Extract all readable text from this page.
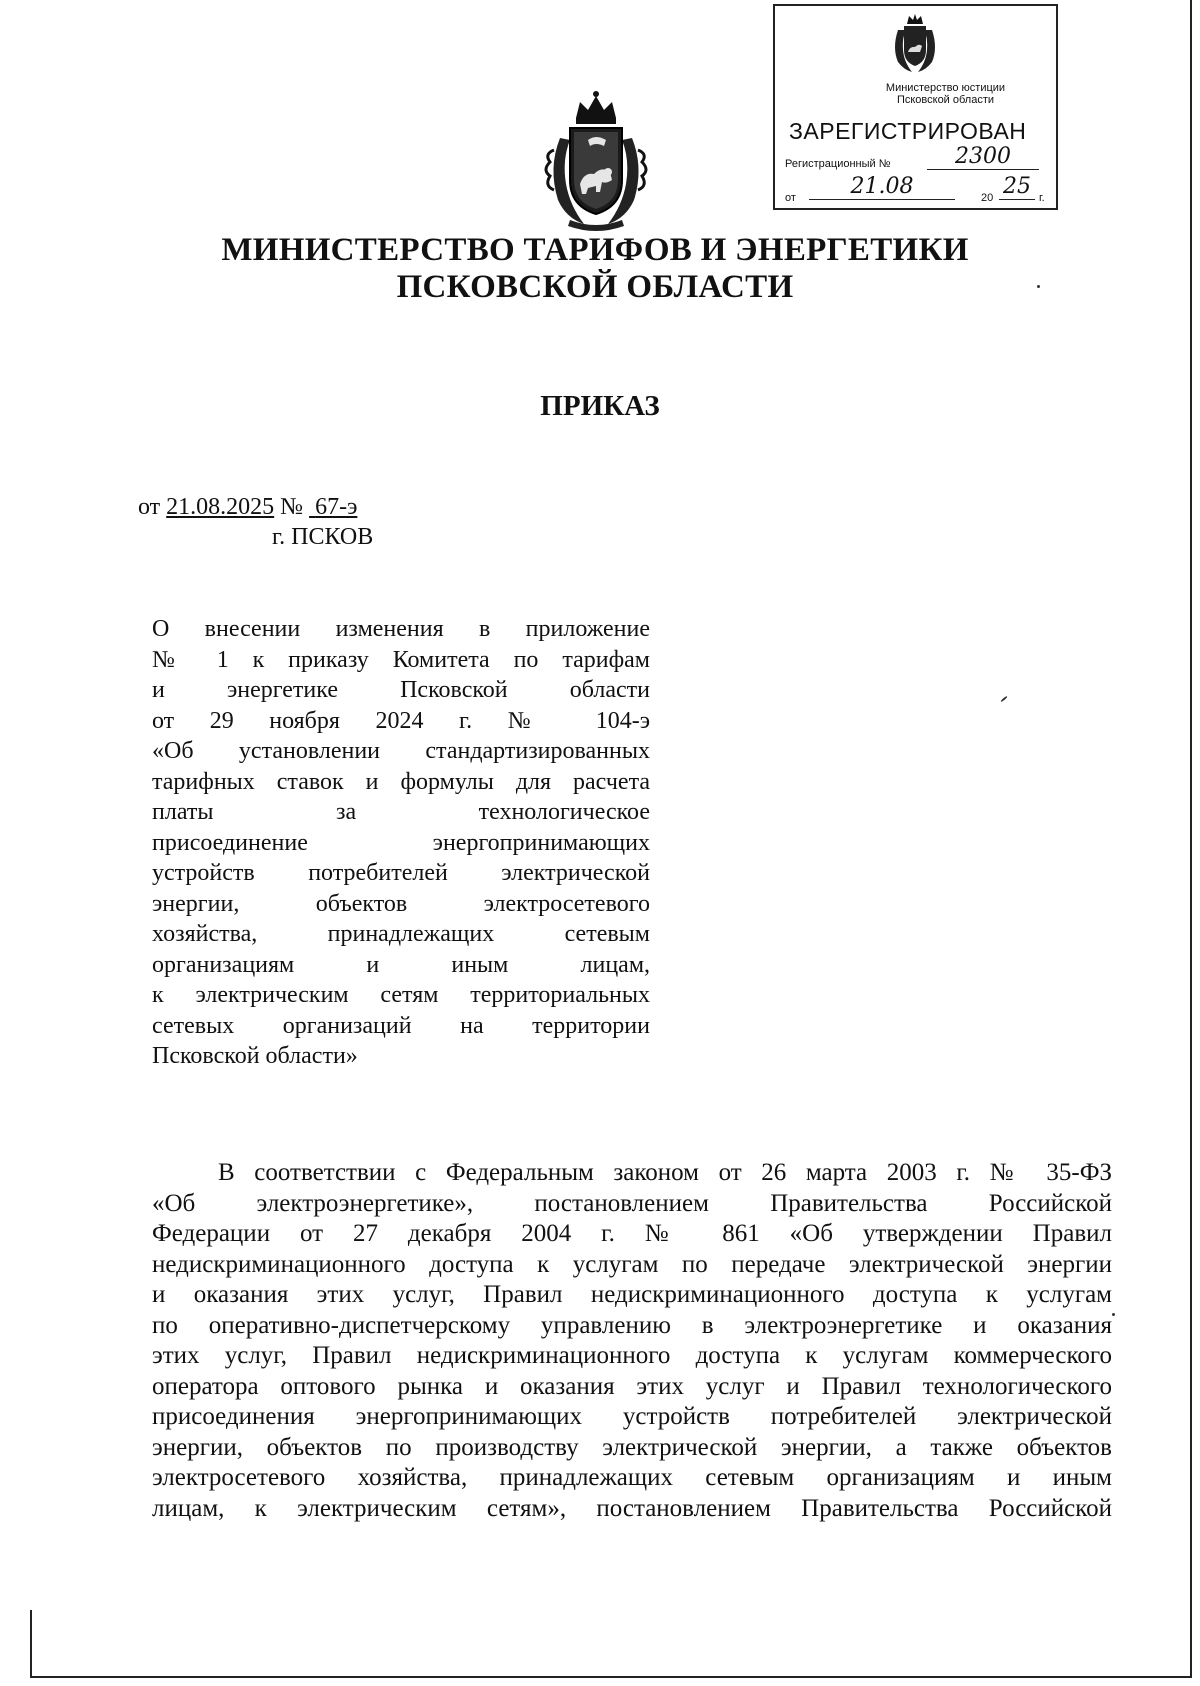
Министерство юстиции
Псковской области
ЗАРЕГИСТРИРОВАН
Регистрационный №	2300
от	21.08	20 25 г.
МИНИСТЕРСТВО ТАРИФОВ И ЭНЕРГЕТИКИ
ПСКОВСКОЙ ОБЛАСТИ
ПРИКАЗ
от 21.08.2025 № 67-э
г. ПСКОВ
О внесении изменения в приложение
№ 1 к приказу Комитета по тарифам
и энергетике Псковской области
от 29 ноября 2024 г. № 104-э
«Об установлении стандартизированных
тарифных ставок и формулы для расчета
платы за технологическое
присоединение энергопринимающих
устройств потребителей электрической
энергии, объектов электросетевого
хозяйства, принадлежащих сетевым
организациям и иным лицам,
к электрическим сетям территориальных
сетевых организаций на территории
Псковской области»
В соответствии с Федеральным законом от 26 марта 2003 г. № 35-ФЗ
«Об электроэнергетике», постановлением Правительства Российской
Федерации от 27 декабря 2004 г. № 861 «Об утверждении Правил
недискриминационного доступа к услугам по передаче электрической энергии
и оказания этих услуг, Правил недискриминационного доступа к услугам
по оперативно-диспетчерскому управлению в электроэнергетике и оказания
этих услуг, Правил недискриминационного доступа к услугам коммерческого
оператора оптового рынка и оказания этих услуг и Правил технологического
присоединения энергопринимающих устройств потребителей электрической
энергии, объектов по производству электрической энергии, а также объектов
электросетевого хозяйства, принадлежащих сетевым организациям и иным
лицам, к электрическим сетям», постановлением Правительства Российской
